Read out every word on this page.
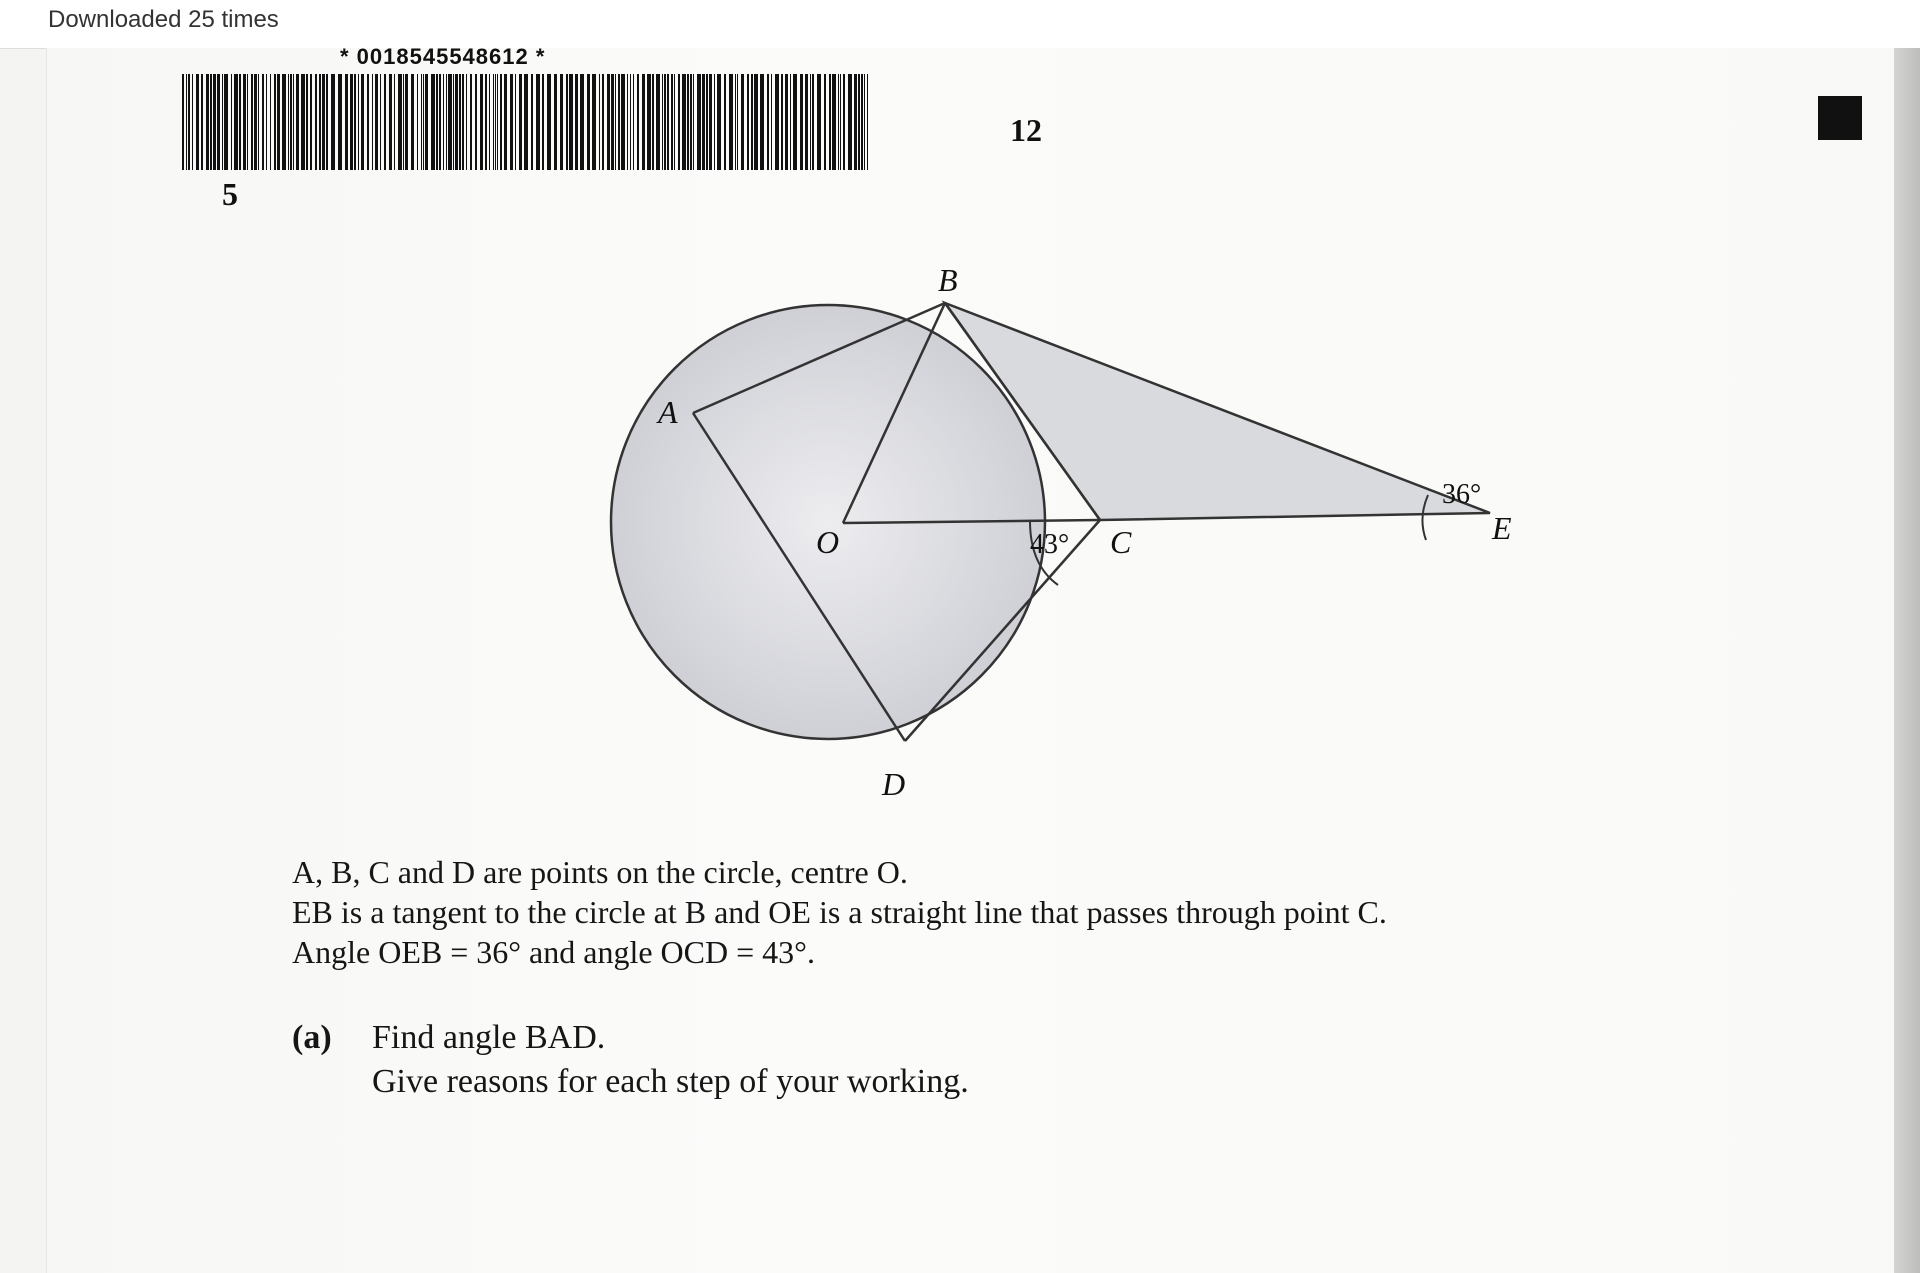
Downloaded 25 times
* 0018545548612 *
5
12
36°
43°
B
A
O	C	E
D

A, B, C and D are points on the circle, centre O.

EB is a tangent to the circle at B and OE is a straight line that passes through point C.

Angle OEB = 36° and angle OCD = 43°.

(a) Find angle BAD.

Give reasons for each step of your working.
